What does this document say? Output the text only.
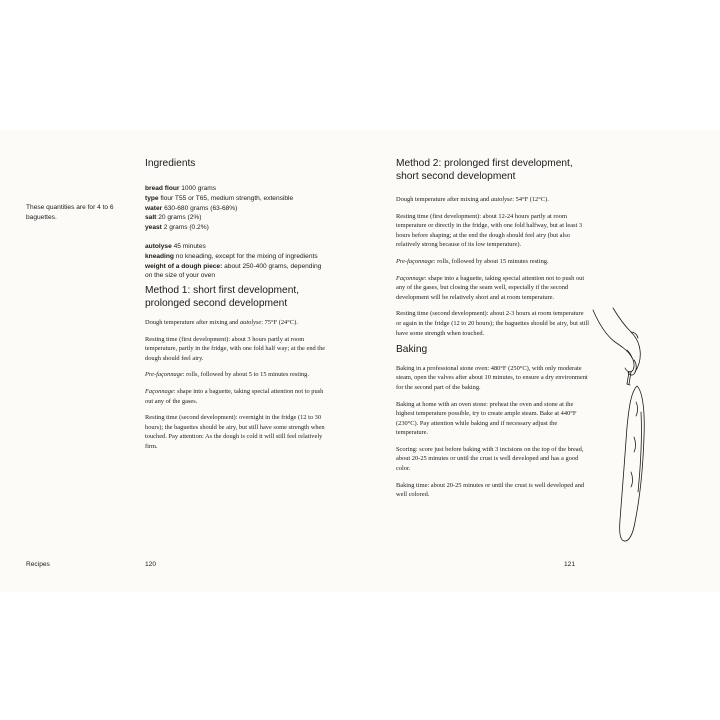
These quantities are for 4 to 6 baguettes.
Ingredients

bread flour 1000 grams

type flour T55 or T65, medium strength, extensible

water 630-680 grams (63-68%)

salt 20 grams (2%)

yeast 2 grams (0.2%)

autolyse 45 minutes

kneading no kneading, except for the mixing of ingredients

weight of a dough piece: about 250-400 grams, depending

on the size of your oven

Method 1: short first development,
prolonged second development

Dough temperature after mixing and autolyse: 75°F (24°C).

Resting time (first development): about 3 hours partly at room temperature, partly in the fridge, with one fold half way; at the end the dough should feel airy.

Pre-façonnage: rolls, followed by about 5 to 15 minutes resting.

Façonnage: shape into a baguette, taking special attention not to push out any of the gases.

Resting time (second development): overnight in the fridge (12 to 30 hours); the baguettes should be airy, but still have some strength when touched. Pay attention: As the dough is cold it will still feel relatively firm.

Method 2: prolonged first development,
short second development

Dough temperature after mixing and autolyse: 54°F (12°C).

Resting time (first development): about 12-24 hours partly at room temperature or directly in the fridge, with one fold halfway, but at least 3 hours before shaping; at the end the dough should feel airy (but also relatively strong because of its low temperature).

Pre-façonnage: rolls, followed by about 15 minutes resting.

Façonnage: shape into a baguette, taking special attention not to push out any of the gases, but closing the seam well, especially if the second development will be relatively short and at room temperature.

Resting time (second development): about 2-3 hours at room temperature or again in the fridge (12 to 20 hours); the baguettes should be airy, but still have some strength when touched.

Baking

Baking in a professional stone oven: 480°F (250°C), with only moderate steam, open the valves after about 10 minutes, to ensure a dry environment for the second part of the baking.

Baking at home with an oven stone: preheat the oven and stone at the highest temperature possible, try to create ample steam. Bake at 440°F (230°C). Pay attention while baking and if necessary adjust the temperature.

Scoring: score just before baking with 3 incisions on the top of the bread, about 20-25 minutes or until the crust is well developed and has a good color.

Baking time: about 20-25 minutes or until the crust is well developed and well colored.

Recipes	120	121
